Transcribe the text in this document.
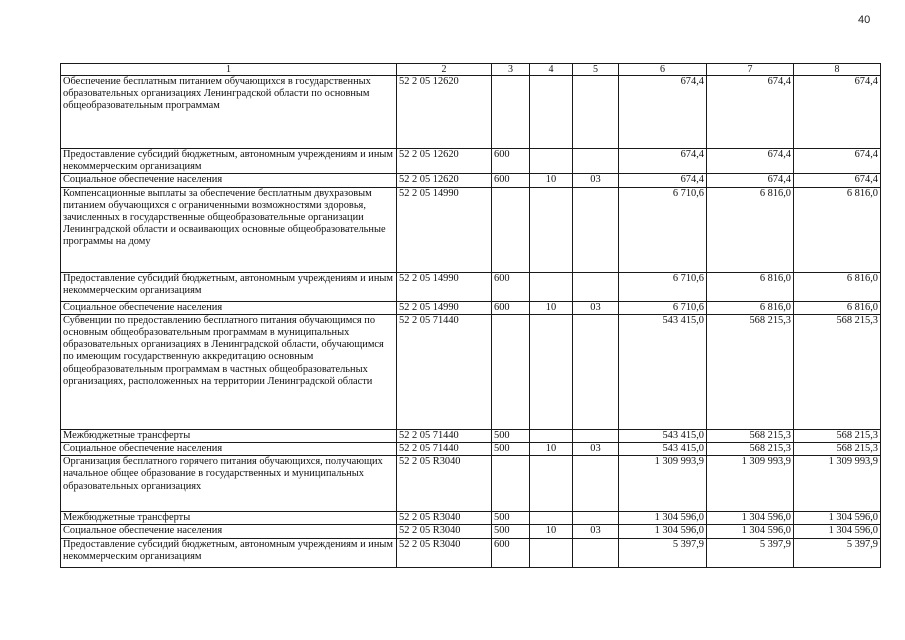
40
1	2	3	4	5	6	7	8
Обеспечение бесплатным питанием обучающихся в государственных образовательных организациях Ленинградской области по основным общеобразовательным программам	52 2 05 12620				674,4	674,4	674,4
Предоставление субсидий бюджетным, автономным учреждениям и иным некоммерческим организациям	52 2 05 12620	600			674,4	674,4	674,4
Социальное обеспечение населения	52 2 05 12620	600	10	03	674,4	674,4	674,4
Компенсационные выплаты за обеспечение бесплатным двухразовым питанием обучающихся с ограниченными возможностями здоровья, зачисленных в государственные общеобразовательные организации Ленинградской области и осваивающих основные общеобразовательные программы на дому	52 2 05 14990				6 710,6	6 816,0	6 816,0
Предоставление субсидий бюджетным, автономным учреждениям и иным некоммерческим организациям	52 2 05 14990	600			6 710,6	6 816,0	6 816,0
Социальное обеспечение населения	52 2 05 14990	600	10	03	6 710,6	6 816,0	6 816,0
Субвенции по предоставлению бесплатного питания обучающимся по основным общеобразовательным программам в муниципальных образовательных организациях в Ленинградской области, обучающимся по имеющим государственную аккредитацию основным общеобразовательным программам в частных общеобразовательных организациях, расположенных на территории Ленинградской области	52 2 05 71440				543 415,0	568 215,3	568 215,3
Межбюджетные трансферты	52 2 05 71440	500			543 415,0	568 215,3	568 215,3
Социальное обеспечение населения	52 2 05 71440	500	10	03	543 415,0	568 215,3	568 215,3
Организация бесплатного горячего питания обучающихся, получающих начальное общее образование в государственных и муниципальных образовательных организациях	52 2 05 R3040				1 309 993,9	1 309 993,9	1 309 993,9
Межбюджетные трансферты	52 2 05 R3040	500			1 304 596,0	1 304 596,0	1 304 596,0
Социальное обеспечение населения	52 2 05 R3040	500	10	03	1 304 596,0	1 304 596,0	1 304 596,0
Предоставление субсидий бюджетным, автономным учреждениям и иным некоммерческим организациям	52 2 05 R3040	600			5 397,9	5 397,9	5 397,9
